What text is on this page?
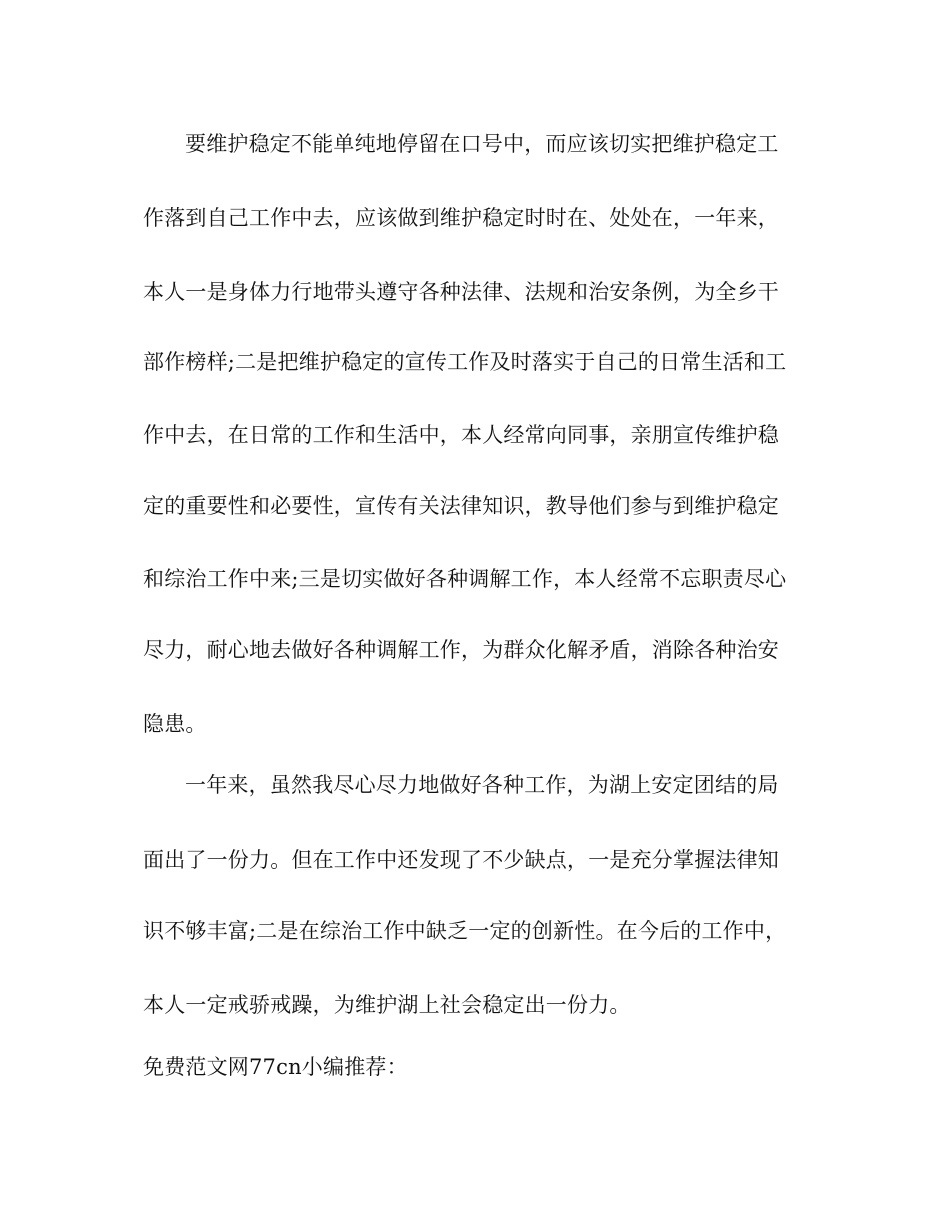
要维护稳定不能单纯地停留在口号中，而应该切实把维护稳定工
作落到自己工作中去，应该做到维护稳定时时在、处处在，一年来，
本人一是身体力行地带头遵守各种法律、法规和治安条例，为全乡干
部作榜样;二是把维护稳定的宣传工作及时落实于自己的日常生活和工
作中去，在日常的工作和生活中，本人经常向同事，亲朋宣传维护稳
定的重要性和必要性，宣传有关法律知识，教导他们参与到维护稳定
和综治工作中来;三是切实做好各种调解工作，本人经常不忘职责尽心
尽力，耐心地去做好各种调解工作，为群众化解矛盾，消除各种治安
隐患。
一年来，虽然我尽心尽力地做好各种工作，为湖上安定团结的局
面出了一份力。但在工作中还发现了不少缺点，一是充分掌握法律知
识不够丰富;二是在综治工作中缺乏一定的创新性。在今后的工作中，
本人一定戒骄戒躁，为维护湖上社会稳定出一份力。
免费范文网77cn小编推荐：
